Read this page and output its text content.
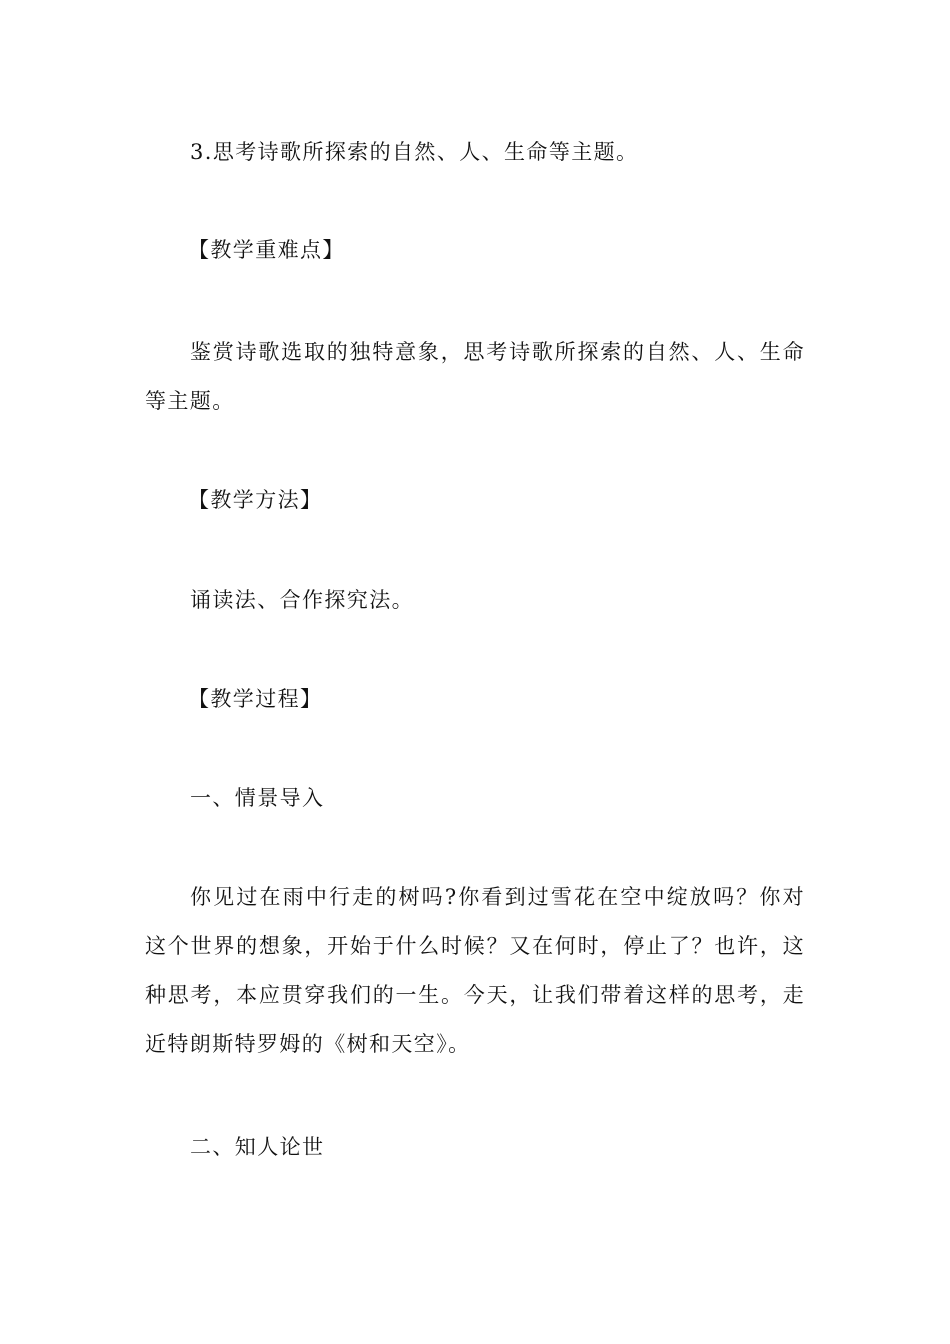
3.思考诗歌所探索的自然、人、生命等主题。

【教学重难点】

鉴赏诗歌选取的独特意象，思考诗歌所探索的自然、人、生命等主题。

【教学方法】

诵读法、合作探究法。

【教学过程】

一、情景导入

你见过在雨中行走的树吗?你看到过雪花在空中绽放吗？你对这个世界的想象，开始于什么时候？又在何时，停止了？也许，这种思考，本应贯穿我们的一生。今天，让我们带着这样的思考，走近特朗斯特罗姆的《树和天空》。

二、知人论世
